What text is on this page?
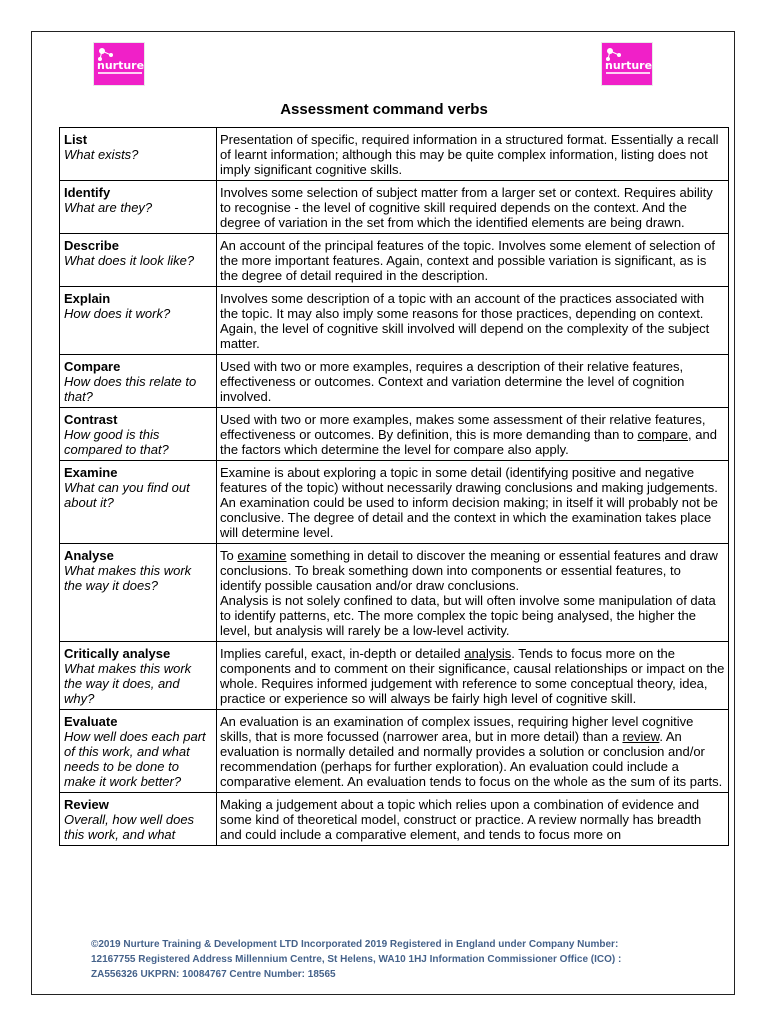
nurture	nurture
Assessment command verbs
List
What exists?	Presentation of specific, required information in a structured format. Essentially a recall of learnt information; although this may be quite complex information, listing does not imply significant cognitive skills.

Identify
What are they?	Involves some selection of subject matter from a larger set or context. Requires ability to recognise - the level of cognitive skill required depends on the context. And the degree of variation in the set from which the identified elements are being drawn.

Describe
What does it look like?	An account of the principal features of the topic. Involves some element of selection of the more important features. Again, context and possible variation is significant, as is the degree of detail required in the description.

Explain
How does it work?	Involves some description of a topic with an account of the practices associated with the topic. It may also imply some reasons for those practices, depending on context. Again, the level of cognitive skill involved will depend on the complexity of the subject matter.

Compare
How does this relate to that?	Used with two or more examples, requires a description of their relative features, effectiveness or outcomes. Context and variation determine the level of cognition involved.

Contrast
How good is this compared to that?	Used with two or more examples, makes some assessment of their relative features, effectiveness or outcomes. By definition, this is more demanding than to compare, and the factors which determine the level for compare also apply.

Examine
What can you find out about it?	Examine is about exploring a topic in some detail (identifying positive and negative features of the topic) without necessarily drawing conclusions and making judgements. An examination could be used to inform decision making; in itself it will probably not be conclusive. The degree of detail and the context in which the examination takes place will determine level.

Analyse
What makes this work the way it does?	To examine something in detail to discover the meaning or essential features and draw conclusions. To break something down into components or essential features, to identify possible causation and/or draw conclusions.
Analysis is not solely confined to data, but will often involve some manipulation of data to identify patterns, etc. The more complex the topic being analysed, the higher the level, but analysis will rarely be a low-level activity.

Critically analyse
What makes this work the way it does, and why?	Implies careful, exact, in-depth or detailed analysis. Tends to focus more on the components and to comment on their significance, causal relationships or impact on the whole. Requires informed judgement with reference to some conceptual theory, idea, practice or experience so will always be fairly high level of cognitive skill.

Evaluate
How well does each part of this work, and what needs to be done to make it work better?	An evaluation is an examination of complex issues, requiring higher level cognitive skills, that is more focussed (narrower area, but in more detail) than a review. An evaluation is normally detailed and normally provides a solution or conclusion and/or recommendation (perhaps for further exploration). An evaluation could include a comparative element. An evaluation tends to focus on the whole as the sum of its parts.

Review
Overall, how well does this work, and what	Making a judgement about a topic which relies upon a combination of evidence and some kind of theoretical model, construct or practice. A review normally has breadth and could include a comparative element, and tends to focus more on
©2019 Nurture Training & Development LTD Incorporated 2019 Registered in England under Company Number:
12167755 Registered Address Millennium Centre, St Helens, WA10 1HJ Information Commissioner Office (ICO) :
ZA556326 UKPRN: 10084767 Centre Number: 18565
